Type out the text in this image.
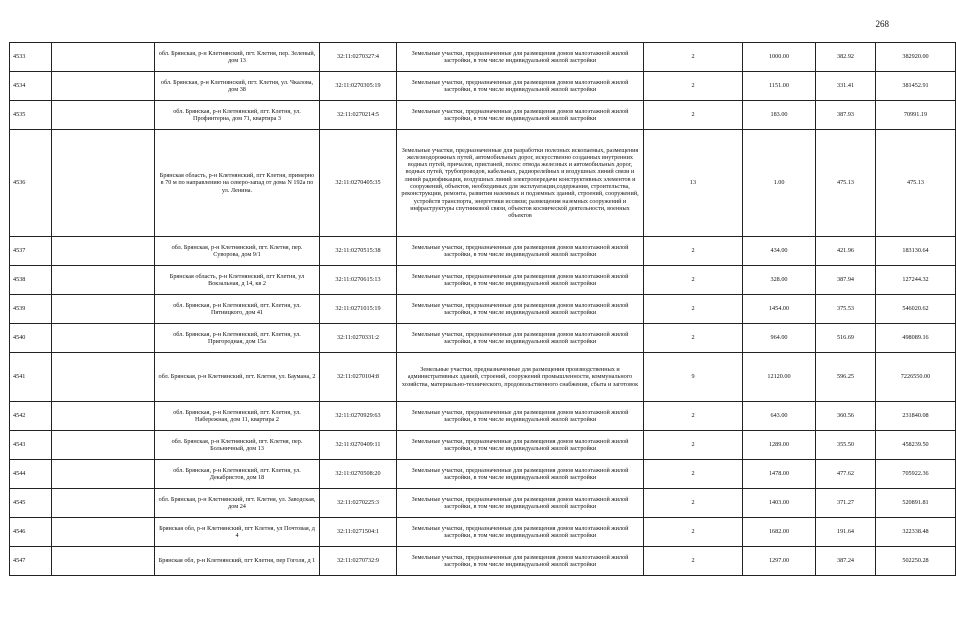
268
4533		обл. Брянская, р-н Клетнянский, пгт. Клетня, пер. Зеленый, дом 13	32:11:0270327:4	Земельные участки, предназначенные для размещения домов малоэтажной жилой застройки, в том числе индивидуальной жилой застройки	2	1000.00	382.92	382920.00	
4534		обл. Брянская, р-н Клетнянский, пгт. Клетня, ул. Чкалова, дом 38	32:11:0270305:19	Земельные участки, предназначенные для размещения домов малоэтажной жилой застройки, в том числе индивидуальной жилой застройки	2	1151.00	331.41	381452.91	
4535		обл. Брянская, р-н Клетнянский, пгт. Клетня, ул. Профинтерна, дом 71, квартира 3	32:11:0270214:5	Земельные участки, предназначенные для размещения домов малоэтажной жилой застройки, в том числе индивидуальной жилой застройки	2	183.00	387.93	70991.19	
4536		Брянская область, р-н Клетнянский, пгт Клетня, примерно в 70 м по направлению на северо-запад от дома N 192а по ул. Ленина.	32:11:0270405:35	Земельные участки, предназначенные для разработки полезных ископаемых, размещения железнодорожных путей, автомобильных дорог, искусственно созданных внутренних водных путей, причалов, пристаней, полос отвода железных и автомобильных дорог, водных путей, трубопроводов, кабельных, радиорелейных и воздушных линий связи и линий радиофикации, воздушных линий электропередачи конструктивных элементов и сооружений, объектов, необходимых для эксплуатации,содержания, строительства, реконструкции, ремонта, развития наземных и подземных зданий, строений, сооружений, устройств транспорта, энергетики иссвязи; размещения наземных сооружений и инфраструктуры спутниковой связи, объектов космической деятельности, военных объектов	13	1.00	475.13	475.13	
4537		обл. Брянская, р-н Клетнянский, пгт. Клетня, пер. Суворова, дом 9/1	32:11:0270515:38	Земельные участки, предназначенные для размещения домов малоэтажной жилой застройки, в том числе индивидуальной жилой застройки	2	434.00	421.96	183130.64	
4538		Брянская область, р-н Клетнянский, пгт Клетня, ул Вокзальная, д 14, кв 2	32:11:0270615:13	Земельные участки, предназначенные для размещения домов малоэтажной жилой застройки, в том числе индивидуальной жилой застройки	2	328.00	387.94	127244.32	
4539		обл. Брянская, р-н Клетнянский, пгт. Клетня, ул. Пятницкого, дом 41	32:11:0271015:19	Земельные участки, предназначенные для размещения домов малоэтажной жилой застройки, в том числе индивидуальной жилой застройки	2	1454.00	375.53	546020.62	
4540		обл. Брянская, р-н Клетнянский, пгт. Клетня, ул. Пригородная, дом 15а	32:11:0270331:2	Земельные участки, предназначенные для размещения домов малоэтажной жилой застройки, в том числе индивидуальной жилой застройки	2	964.00	516.69	498089.16	
4541		обл. Брянская, р-н Клетнянский, пгт. Клетня, ул. Баумана, 2	32:11:0270104:8	Земельные участки, предназначенные для размещения производственных и административных зданий, строений, сооружений промышленности, коммунального хозяйства, материально-технического, продовольственного снабжения, сбыта и заготовок	9	12120.00	596.25	7226550.00	
4542		обл. Брянская, р-н Клетнянский, пгт. Клетня, ул. Набережная, дом 11, квартира 2	32:11:0270929:63	Земельные участки, предназначенные для размещения домов малоэтажной жилой застройки, в том числе индивидуальной жилой застройки	2	643.00	360.56	231840.08	
4543		обл. Брянская, р-н Клетнянский, пгт. Клетня, пер. Больничный, дом 13	32:11:0270409:11	Земельные участки, предназначенные для размещения домов малоэтажной жилой застройки, в том числе индивидуальной жилой застройки	2	1289.00	355.50	458239.50	
4544		обл. Брянская, р-н Клетнянский, пгт. Клетня, ул. Декабристов, дом 18	32:11:0270508:20	Земельные участки, предназначенные для размещения домов малоэтажной жилой застройки, в том числе индивидуальной жилой застройки	2	1478.00	477.62	705922.36	
4545		обл. Брянская, р-н Клетнянский, пгт. Клетня, ул. Заводская, дом 24	32:11:0270225:3	Земельные участки, предназначенные для размещения домов малоэтажной жилой застройки, в том числе индивидуальной жилой застройки	2	1403.00	371.27	520891.81	
4546		Брянская обл, р-н Клетнянский, пгт Клетня, ул Почтовая, д 4	32:11:0271504:1	Земельные участки, предназначенные для размещения домов малоэтажной жилой застройки, в том числе индивидуальной жилой застройки	2	1682.00	191.64	322338.48	
4547		Брянская обл, р-н Клетнянский, пгт Клетня, пер Гоголя, д 1	32:11:0270732:9	Земельные участки, предназначенные для размещения домов малоэтажной жилой застройки, в том числе индивидуальной жилой застройки	2	1297.00	387.24	502250.28	
